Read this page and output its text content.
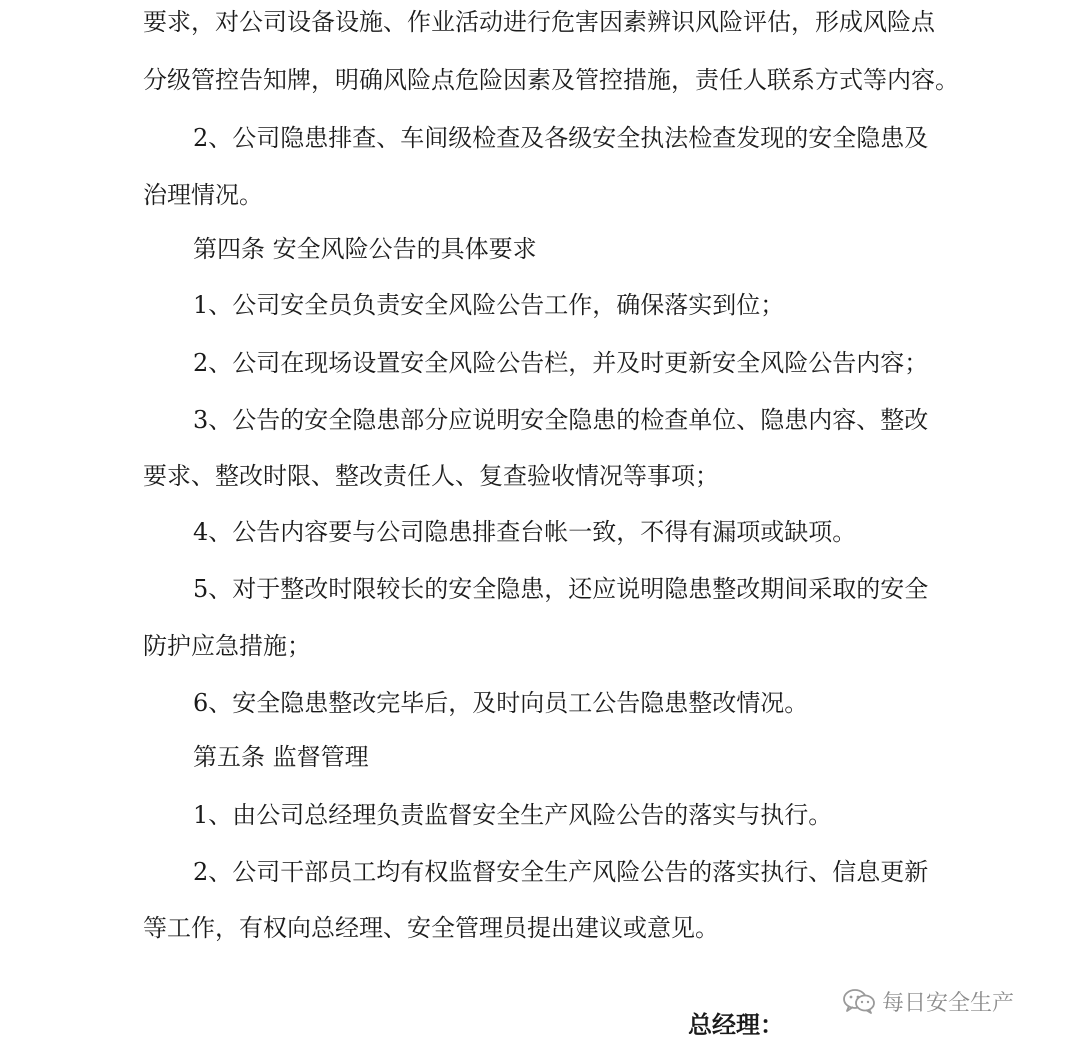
要求，对公司设备设施、作业活动进行危害因素辨识风险评估，形成风险点
分级管控告知牌，明确风险点危险因素及管控措施，责任人联系方式等内容。
2、公司隐患排查、车间级检查及各级安全执法检查发现的安全隐患及
治理情况。
第四条 安全风险公告的具体要求
1、公司安全员负责安全风险公告工作，确保落实到位；
2、公司在现场设置安全风险公告栏，并及时更新安全风险公告内容；
3、公告的安全隐患部分应说明安全隐患的检查单位、隐患内容、整改
要求、整改时限、整改责任人、复查验收情况等事项；
4、公告内容要与公司隐患排查台帐一致，不得有漏项或缺项。
5、对于整改时限较长的安全隐患，还应说明隐患整改期间采取的安全
防护应急措施；
6、安全隐患整改完毕后，及时向员工公告隐患整改情况。
第五条 监督管理
1、由公司总经理负责监督安全生产风险公告的落实与执行。
2、公司干部员工均有权监督安全生产风险公告的落实执行、信息更新
等工作，有权向总经理、安全管理员提出建议或意见。
每日安全生产
总经理：
